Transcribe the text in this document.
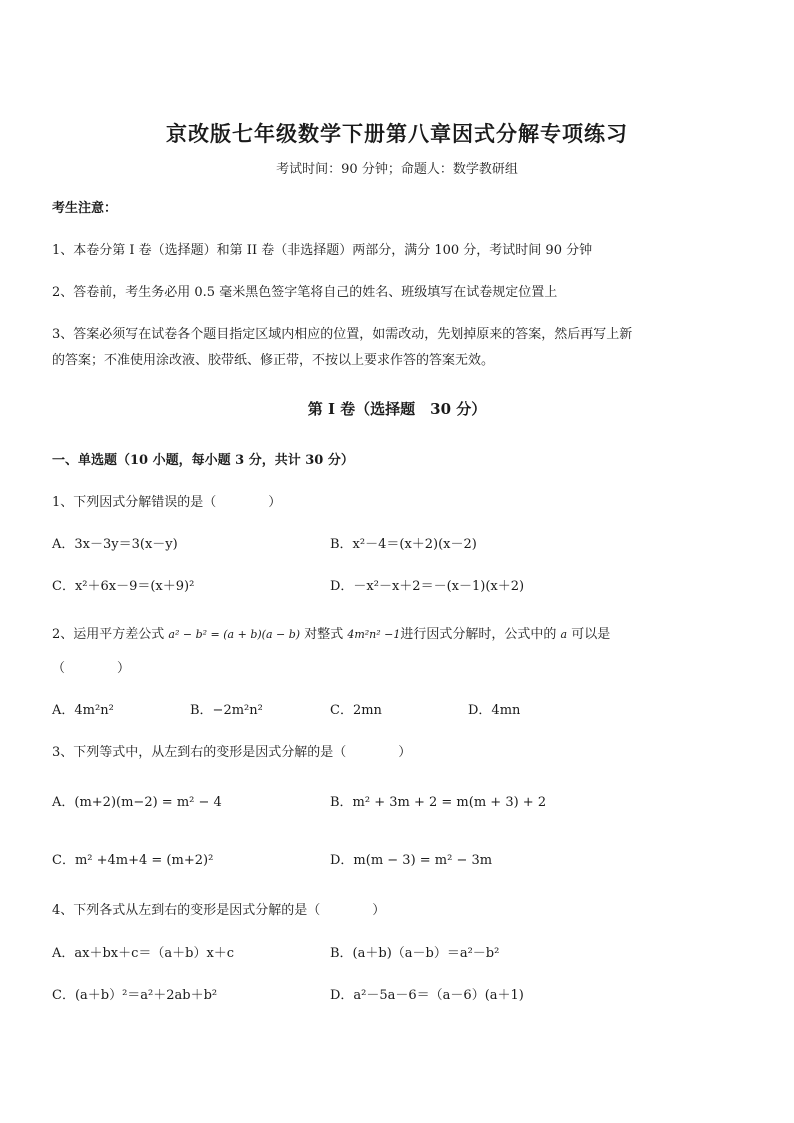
京改版七年级数学下册第八章因式分解专项练习
考试时间：90 分钟；命题人：数学教研组
考生注意：
1、本卷分第 I 卷（选择题）和第 II 卷（非选择题）两部分，满分 100 分，考试时间 90 分钟
2、答卷前，考生务必用 0.5 毫米黑色签字笔将自己的姓名、班级填写在试卷规定位置上
3、答案必须写在试卷各个题目指定区域内相应的位置，如需改动，先划掉原来的答案，然后再写上新
的答案；不准使用涂改液、胶带纸、修正带，不按以上要求作答的答案无效。
第 I 卷（选择题　30 分）
一、单选题（10 小题，每小题 3 分，共计 30 分）
1、下列因式分解错误的是（　　　　）
A．3x－3y＝3(x－y)	B．x²－4＝(x＋2)(x－2)
C．x²＋6x－9＝(x＋9)²	D．－x²－x＋2＝－(x－1)(x＋2)
2、运用平方差公式 a² − b² = (a + b)(a − b) 对整式 4m²n² −1进行因式分解时，公式中的 a 可以是
（　　　　）
A．4m²n²	B．−2m²n²	C．2mn	D．4mn
3、下列等式中，从左到右的变形是因式分解的是（　　　　）
A．(m+2)(m−2) = m² − 4	B．m² + 3m + 2 = m(m + 3) + 2
C．m² +4m+4 = (m+2)²	D．m(m − 3) = m² − 3m
4、下列各式从左到右的变形是因式分解的是（　　　　）
A．ax＋bx＋c＝（a＋b）x＋c	B．(a＋b)（a－b）＝a²－b²
C．(a＋b）²＝a²＋2ab＋b²	D．a²－5a－6＝（a－6）(a＋1)
